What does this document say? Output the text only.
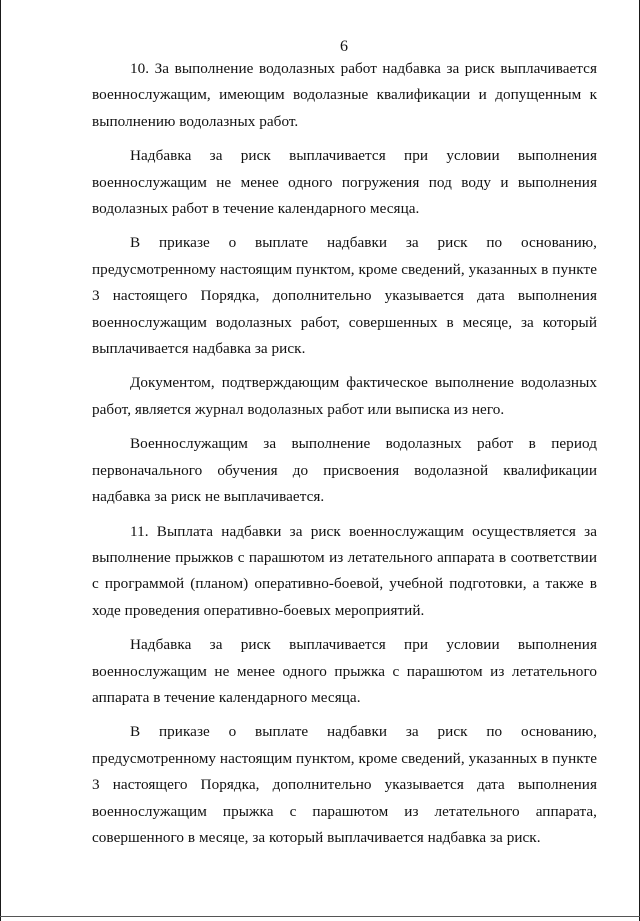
6

10. За выполнение водолазных работ надбавка за риск выплачивается военнослужащим, имеющим водолазные квалификации и допущенным к выполнению водолазных работ.

Надбавка за риск выплачивается при условии выполнения военнослужащим не менее одного погружения под воду и выполнения водолазных работ в течение календарного месяца.

В приказе о выплате надбавки за риск по основанию, предусмотренному настоящим пунктом, кроме сведений, указанных в пункте 3 настоящего Порядка, дополнительно указывается дата выполнения военнослужащим водолазных работ, совершенных в месяце, за который выплачивается надбавка за риск.

Документом, подтверждающим фактическое выполнение водолазных работ, является журнал водолазных работ или выписка из него.

Военнослужащим за выполнение водолазных работ в период первоначального обучения до присвоения водолазной квалификации надбавка за риск не выплачивается.

11. Выплата надбавки за риск военнослужащим осуществляется за выполнение прыжков с парашютом из летательного аппарата в соответствии с программой (планом) оперативно-боевой, учебной подготовки, а также в ходе проведения оперативно-боевых мероприятий.

Надбавка за риск выплачивается при условии выполнения военнослужащим не менее одного прыжка с парашютом из летательного аппарата в течение календарного месяца.

В приказе о выплате надбавки за риск по основанию, предусмотренному настоящим пунктом, кроме сведений, указанных в пункте 3 настоящего Порядка, дополнительно указывается дата выполнения военнослужащим прыжка с парашютом из летательного аппарата, совершенного в месяце, за который выплачивается надбавка за риск.
